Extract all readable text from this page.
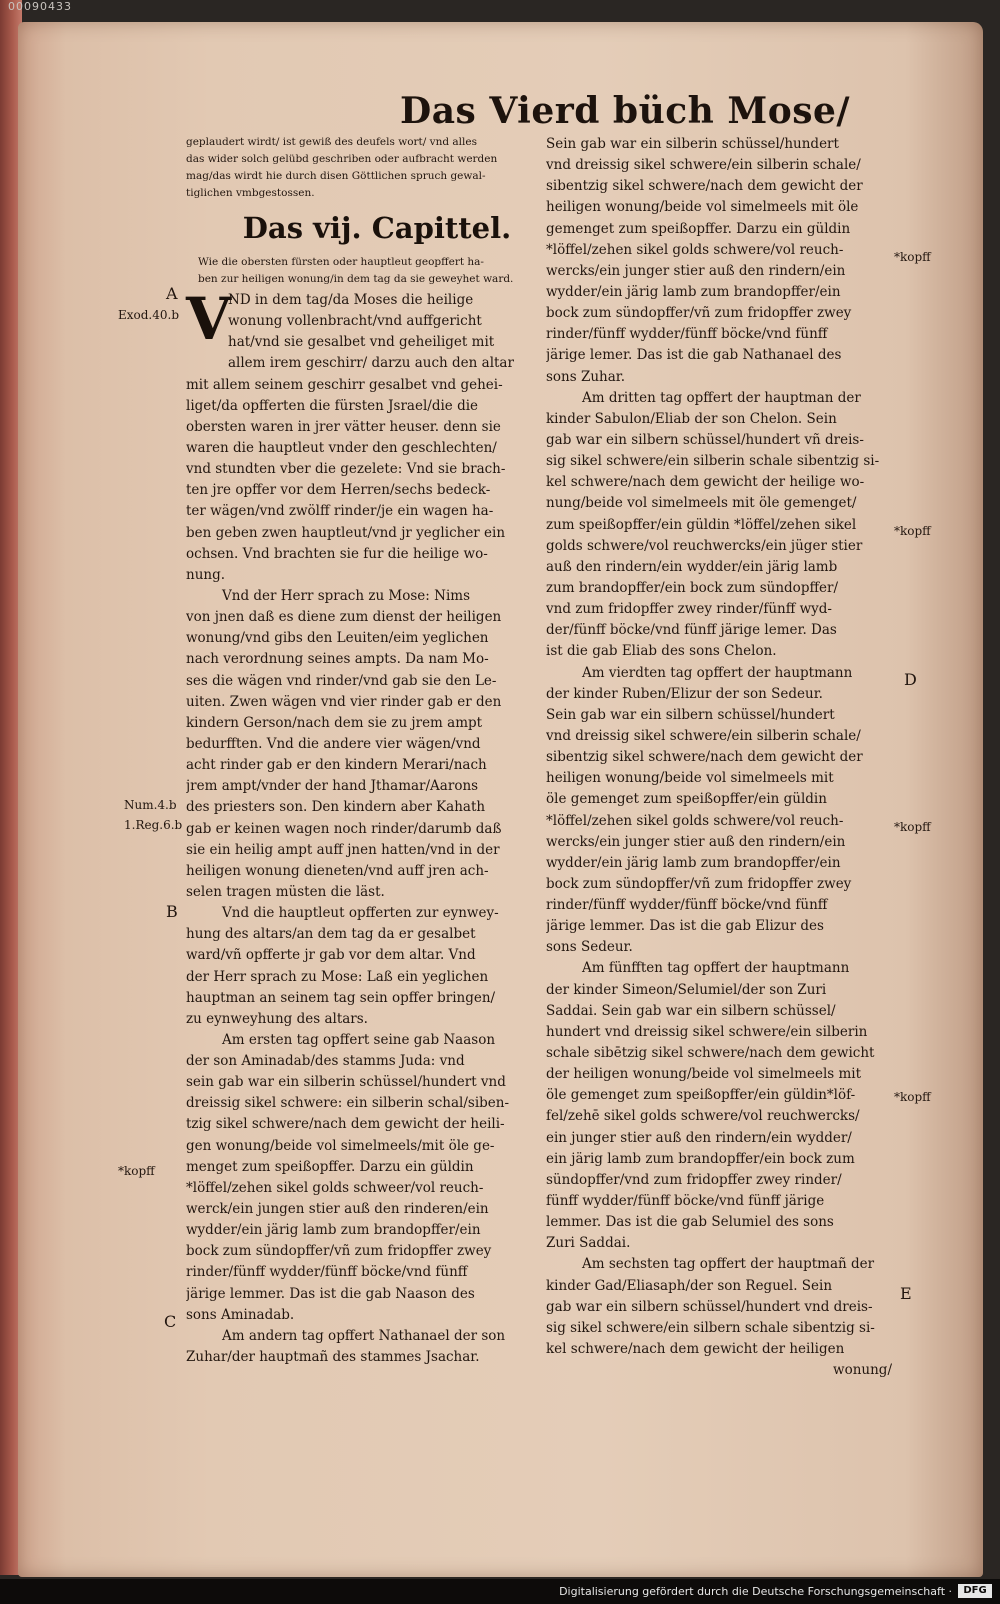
00090433
Das Vierd büch Mose/
geplaudert wirdt/ ist gewiß des deufels wort/ vnd alles
das wider solch gelübd geschriben oder aufbracht werden
mag/das wirdt hie durch disen Göttlichen spruch gewal-
tiglichen vmbgestossen.
Das vij. Capittel.
Wie die obersten fürsten oder hauptleut geopffert ha-
ben zur heiligen wonung/in dem tag da sie geweyhet ward.
V
ND in dem tag/da Moses die heilige
wonung vollenbracht/vnd auffgericht
hat/vnd sie gesalbet vnd geheiliget mit
allem irem geschirr/ darzu auch den altar
mit allem seinem geschirr gesalbet vnd gehei-
liget/da opfferten die fürsten Jsrael/die die
obersten waren in jrer vätter heuser. denn sie
waren die hauptleut vnder den geschlechten/
vnd stundten vber die gezelete: Vnd sie brach-
ten jre opffer vor dem Herren/sechs bedeck-
ter wägen/vnd zwölff rinder/je ein wagen ha-
ben geben zwen hauptleut/vnd jr yeglicher ein
ochsen. Vnd brachten sie fur die heilige wo-
nung.
Vnd der Herr sprach zu Mose: Nims
von jnen daß es diene zum dienst der heiligen
wonung/vnd gibs den Leuiten/eim yeglichen
nach verordnung seines ampts. Da nam Mo-
ses die wägen vnd rinder/vnd gab sie den Le-
uiten. Zwen wägen vnd vier rinder gab er den
kindern Gerson/nach dem sie zu jrem ampt
bedurfften. Vnd die andere vier wägen/vnd
acht rinder gab er den kindern Merari/nach
jrem ampt/vnder der hand Jthamar/Aarons
des priesters son. Den kindern aber Kahath
gab er keinen wagen noch rinder/darumb daß
sie ein heilig ampt auff jnen hatten/vnd in der
heiligen wonung dieneten/vnd auff jren ach-
selen tragen müsten die läst.
Vnd die hauptleut opfferten zur eynwey-
hung des altars/an dem tag da er gesalbet
ward/vñ opfferte jr gab vor dem altar. Vnd
der Herr sprach zu Mose: Laß ein yeglichen
hauptman an seinem tag sein opffer bringen/
zu eynweyhung des altars.
Am ersten tag opffert seine gab Naason
der son Aminadab/des stamms Juda: vnd
sein gab war ein silberin schüssel/hundert vnd
dreissig sikel schwere: ein silberin schal/siben-
tzig sikel schwere/nach dem gewicht der heili-
gen wonung/beide vol simelmeels/mit öle ge-
menget zum speißopffer. Darzu ein güldin
*löffel/zehen sikel golds schweer/vol reuch-
werck/ein jungen stier auß den rinderen/ein
wydder/ein järig lamb zum brandopffer/ein
bock zum sündopffer/vñ zum fridopffer zwey
rinder/fünff wydder/fünff böcke/vnd fünff
järige lemmer. Das ist die gab Naason des
sons Aminadab.
Am andern tag opffert Nathanael der son
Zuhar/der hauptmañ des stammes Jsachar.
Sein gab war ein silberin schüssel/hundert
vnd dreissig sikel schwere/ein silberin schale/
sibentzig sikel schwere/nach dem gewicht der
heiligen wonung/beide vol simelmeels mit öle
gemenget zum speißopffer. Darzu ein güldin
*löffel/zehen sikel golds schwere/vol reuch-
wercks/ein junger stier auß den rindern/ein
wydder/ein järig lamb zum brandopffer/ein
bock zum sündopffer/vñ zum fridopffer zwey
rinder/fünff wydder/fünff böcke/vnd fünff
järige lemer. Das ist die gab Nathanael des
sons Zuhar.
Am dritten tag opffert der hauptman der
kinder Sabulon/Eliab der son Chelon. Sein
gab war ein silbern schüssel/hundert vñ dreis-
sig sikel schwere/ein silberin schale sibentzig si-
kel schwere/nach dem gewicht der heilige wo-
nung/beide vol simelmeels mit öle gemenget/
zum speißopffer/ein güldin *löffel/zehen sikel
golds schwere/vol reuchwercks/ein jüger stier
auß den rindern/ein wydder/ein järig lamb
zum brandopffer/ein bock zum sündopffer/
vnd zum fridopffer zwey rinder/fünff wyd-
der/fünff böcke/vnd fünff järige lemer. Das
ist die gab Eliab des sons Chelon.
Am vierdten tag opffert der hauptmann
der kinder Ruben/Elizur der son Sedeur.
Sein gab war ein silbern schüssel/hundert
vnd dreissig sikel schwere/ein silberin schale/
sibentzig sikel schwere/nach dem gewicht der
heiligen wonung/beide vol simelmeels mit
öle gemenget zum speißopffer/ein güldin
*löffel/zehen sikel golds schwere/vol reuch-
wercks/ein junger stier auß den rindern/ein
wydder/ein järig lamb zum brandopffer/ein
bock zum sündopffer/vñ zum fridopffer zwey
rinder/fünff wydder/fünff böcke/vnd fünff
järige lemmer. Das ist die gab Elizur des
sons Sedeur.
Am fünfften tag opffert der hauptmann
der kinder Simeon/Selumiel/der son Zuri
Saddai. Sein gab war ein silbern schüssel/
hundert vnd dreissig sikel schwere/ein silberin
schale sibētzig sikel schwere/nach dem gewicht
der heiligen wonung/beide vol simelmeels mit
öle gemenget zum speißopffer/ein güldin*löf-
fel/zehē sikel golds schwere/vol reuchwercks/
ein junger stier auß den rindern/ein wydder/
ein järig lamb zum brandopffer/ein bock zum
sündopffer/vnd zum fridopffer zwey rinder/
fünff wydder/fünff böcke/vnd fünff järige
lemmer. Das ist die gab Selumiel des sons
Zuri Saddai.
Am sechsten tag opffert der hauptmañ der
kinder Gad/Eliasaph/der son Reguel. Sein
gab war ein silbern schüssel/hundert vnd dreis-
sig sikel schwere/ein silbern schale sibentzig si-
kel schwere/nach dem gewicht der heiligen
wonung/
A
Exod.40.b
Num.4.b
1.Reg.6.b
B
*kopff
C
*kopff
*kopff
D
*kopff
*kopff
E
Digitalisierung gefördert durch die Deutsche Forschungsgemeinschaft ·	DFG
